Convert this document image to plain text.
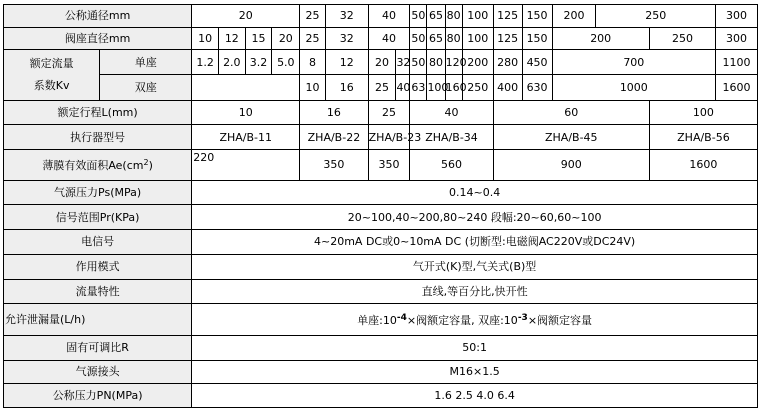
公称通径mm		20				25	32	40		50	65	80	100	125	150	200	250		300
阀座直径mm		10	12	15	20	25	32	40		50	65	80	100	125	150	200		250	300
额定流量
系数Kv	单座	1.2	2.0	3.2	5.0	8	12	20	32	50	80	120	200	280	450	700			1100
	双座					10	16	25	40	63	100	160	250	400	630	1000			1600
额定行程L(mm)		10				16		25		40				60				100	
执行器型号		ZHA/B-11				ZHA/B-22		ZHA/B-23		ZHA/B-34				ZHA/B-45				ZHA/B-56	
薄膜有效面积$Ae(cm^2)$		220				350		350		560				900				1600	
气源压力Ps(MPa)		0.14~0.4																	
信号范围Pr(KPa)		20~100,40~200,80~240 段幅:20~60,60~100																	
电信号		4~20mA DC或0~10mA DC (切断型:电磁阀AC220V或DC24V)																	
作用模式		气开式(K)型,气关式(B)型																	
流量特性		直线,等百分比,快开性																	
允许泄漏量(L/h)		单座$:10^{-4}\times$阀额定容量, 双座$:10^{-3}\times$阀额定容量																	
固有可调比R		50:1																	
气源接头		M16×1.5																	
公称压力PN(MPa)		1.6 2.5 4.0 6.4																	
